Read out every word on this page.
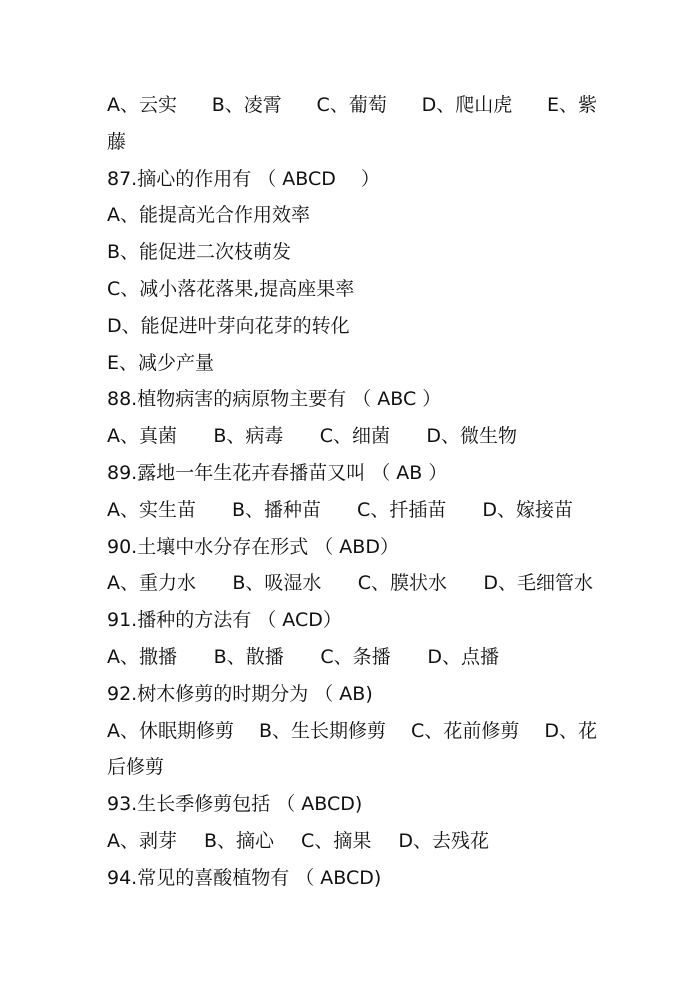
A、云实 B、凌霄 C、葡萄 D、爬山虎 E、紫
藤
87.摘心的作用有 （ ABCD　 ）
A、能提高光合作用效率
B、能促进二次枝萌发
C、减小落花落果,提高座果率
D、能促进叶芽向花芽的转化
E、减少产量
88.植物病害的病原物主要有 （ ABC ）
A、真菌 B、病毒 C、细菌 D、微生物
89.露地一年生花卉春播苗又叫 （ AB ）
A、实生苗 B、播种苗 C、扦插苗 D、嫁接苗
90.土壤中水分存在形式 （ ABD）
A、重力水 B、吸湿水 C、膜状水 D、毛细管水
91.播种的方法有 （ ACD）
A、撒播 B、散播 C、条播 D、点播
92.树木修剪的时期分为 （ AB)
A、休眠期修剪 B、生长期修剪 C、花前修剪 D、花
后修剪
93.生长季修剪包括 （ ABCD)
A、剥芽 B、摘心 C、摘果 D、去残花
94.常见的喜酸植物有 （ ABCD)
